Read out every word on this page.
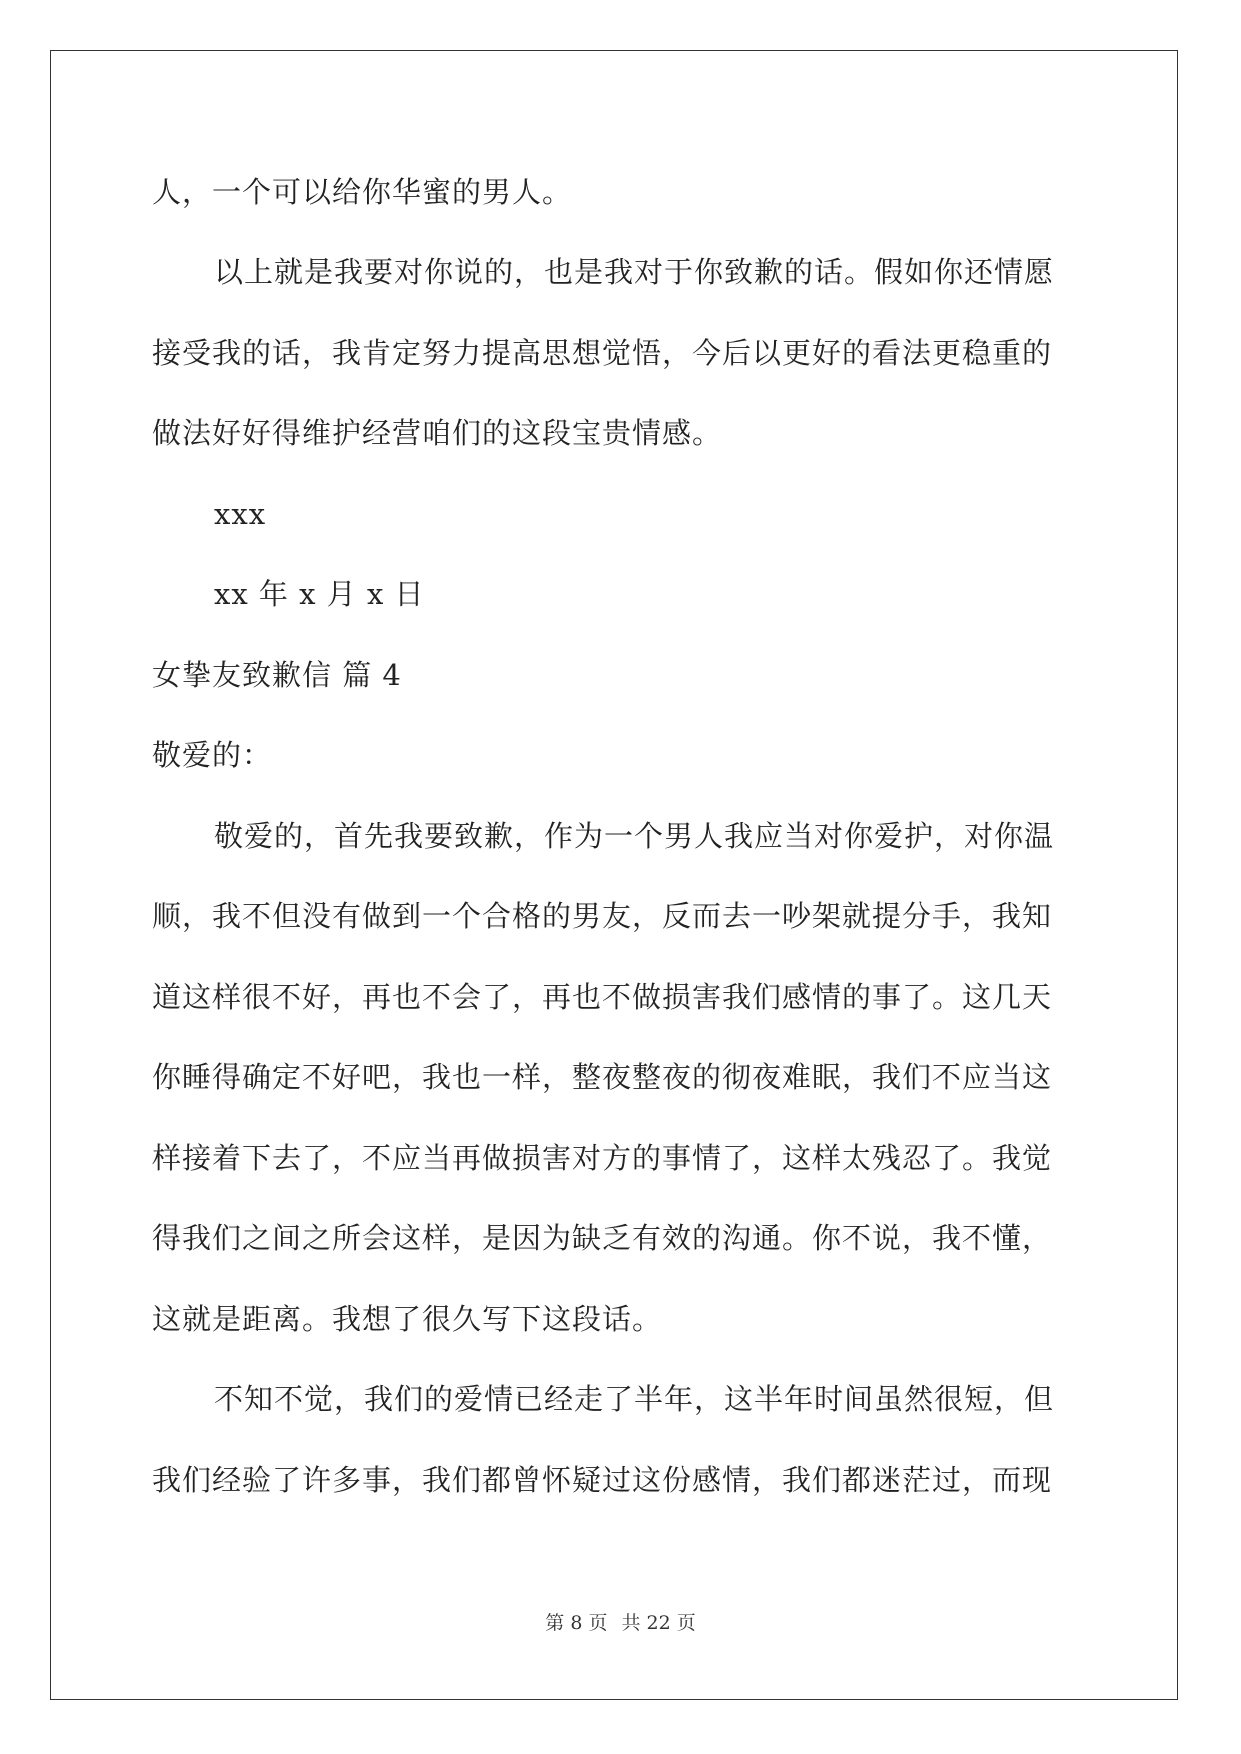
人，一个可以给你华蜜的男人。
以上就是我要对你说的，也是我对于你致歉的话。假如你还情愿
接受我的话，我肯定努力提高思想觉悟，今后以更好的看法更稳重的
做法好好得维护经营咱们的这段宝贵情感。
xxx
xx 年 x 月 x 日
女挚友致歉信 篇 4
敬爱的：
敬爱的，首先我要致歉，作为一个男人我应当对你爱护，对你温
顺，我不但没有做到一个合格的男友，反而去一吵架就提分手，我知
道这样很不好，再也不会了，再也不做损害我们感情的事了。这几天
你睡得确定不好吧，我也一样，整夜整夜的彻夜难眠，我们不应当这
样接着下去了，不应当再做损害对方的事情了，这样太残忍了。我觉
得我们之间之所会这样，是因为缺乏有效的沟通。你不说，我不懂，
这就是距离。我想了很久写下这段话。
不知不觉，我们的爱情已经走了半年，这半年时间虽然很短，但
我们经验了许多事，我们都曾怀疑过这份感情，我们都迷茫过，而现
第 8 页 共 22 页
